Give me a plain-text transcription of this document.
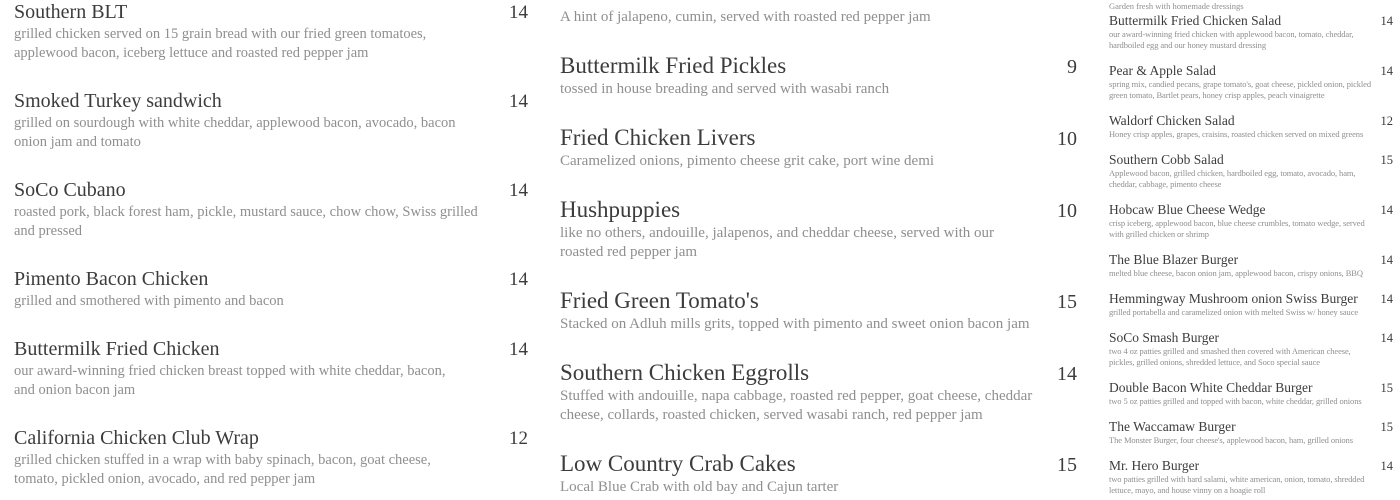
Southern BLT	14
grilled chicken served on 15 grain bread with our fried green tomatoes,
applewood bacon, iceberg lettuce and roasted red pepper jam
Smoked Turkey sandwich	14
grilled on sourdough with white cheddar, applewood bacon, avocado, bacon
onion jam and tomato
SoCo Cubano	14
roasted pork, black forest ham, pickle, mustard sauce, chow chow, Swiss grilled
and pressed
Pimento Bacon Chicken	14
grilled and smothered with pimento and bacon
Buttermilk Fried Chicken	14
our award-winning fried chicken breast topped with white cheddar, bacon,
and onion bacon jam
California Chicken Club Wrap	12
grilled chicken stuffed in a wrap with baby spinach, bacon, goat cheese,
tomato, pickled onion, avocado, and red pepper jam
A hint of jalapeno, cumin, served with roasted red pepper jam
Buttermilk Fried Pickles	9
tossed in house breading and served with wasabi ranch
Fried Chicken Livers	10
Caramelized onions, pimento cheese grit cake, port wine demi
Hushpuppies	10
like no others, andouille, jalapenos, and cheddar cheese, served with our
roasted red pepper jam
Fried Green Tomato's	15
Stacked on Adluh mills grits, topped with pimento and sweet onion bacon jam
Southern Chicken Eggrolls	14
Stuffed with andouille, napa cabbage, roasted red pepper, goat cheese, cheddar
cheese, collards, roasted chicken, served wasabi ranch, red pepper jam
Low Country Crab Cakes	15
Local Blue Crab with old bay and Cajun tarter
Garden fresh with homemade dressings
Buttermilk Fried Chicken Salad	14
our award-winning fried chicken with applewood bacon, tomato, cheddar,
hardboiled egg and our honey mustard dressing
Pear & Apple Salad	14
spring mix, candied pecans, grape tomato's, goat cheese, pickled onion, pickled
green tomato, Bartlet pears, honey crisp apples, peach vinaigrette
Waldorf Chicken Salad	12
Honey crisp apples, grapes, craisins, roasted chicken served on mixed greens
Southern Cobb Salad	15
Applewood bacon, grilled chicken, hardboiled egg, tomato, avocado, ham,
cheddar, cabbage, pimento cheese
Hobcaw Blue Cheese Wedge	14
crisp iceberg, applewood bacon, blue cheese crumbles, tomato wedge, served
with grilled chicken or shrimp
The Blue Blazer Burger	14
melted blue cheese, bacon onion jam, applewood bacon, crispy onions, BBQ
Hemmingway Mushroom onion Swiss Burger 14
grilled portabella and caramelized onion with melted Swiss w/ honey sauce
SoCo Smash Burger	14
two 4 oz patties grilled and smashed then covered with American cheese,
pickles, grilled onions, shredded lettuce, and Soco special sauce
Double Bacon White Cheddar Burger	15
two 5 oz patties grilled and topped with bacon, white cheddar, grilled onions
The Waccamaw Burger	15
The Monster Burger, four cheese's, applewood bacon, ham, grilled onions
Mr. Hero Burger	14
two patties grilled with hard salami, white american, onion, tomato, shredded
lettuce, mayo, and house vinny on a hoagie roll
